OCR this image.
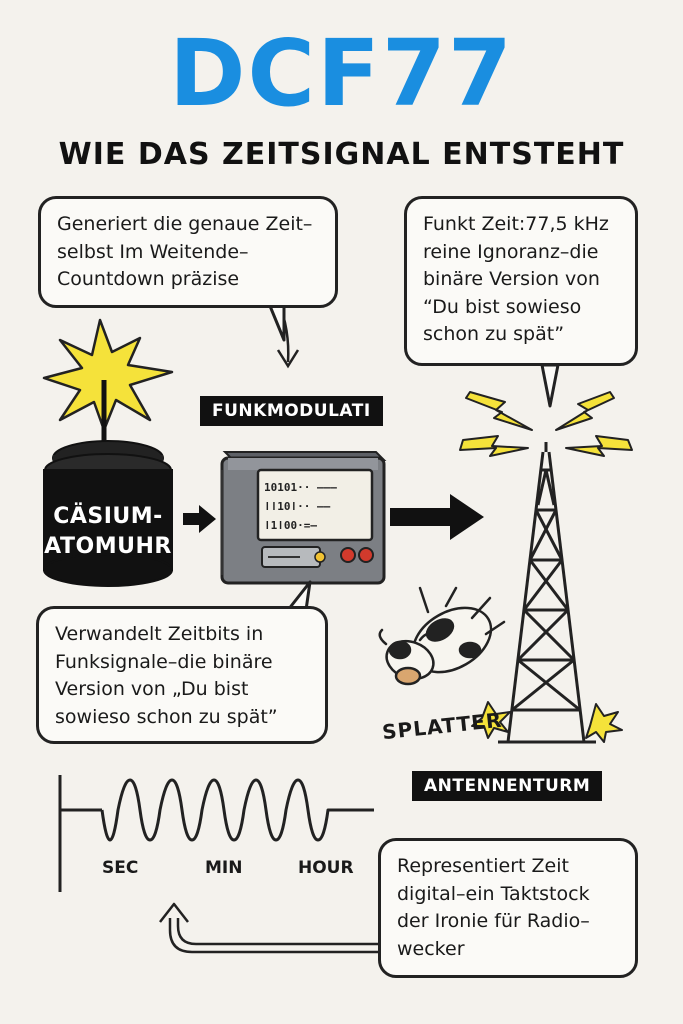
DCF77
WIE DAS ZEITSIGNAL ENTSTEHT
Generiert die genaue Zeit–
selbst Im Weitende–
Countdown präzise
Funkt Zeit:77,5 kHz
reine Ignoranz–die
binäre Version von
“Du bist sowieso
schon zu spät”
Verwandelt Zeitbits in
Funksignale–die binäre
Version von „Du bist
sowieso schon zu spät”
Representiert Zeit
digital–ein Taktstock
der Ironie für Radio–
wecker
FUNKMODULATI
ANTENNENTURM
CÄSIUM-
ATOMUHR
10101·· –––
ǀǀ10ǀ·· ––
ǀ1ǀ00·=–
SPLATTER
SEC	MIN	HOUR
